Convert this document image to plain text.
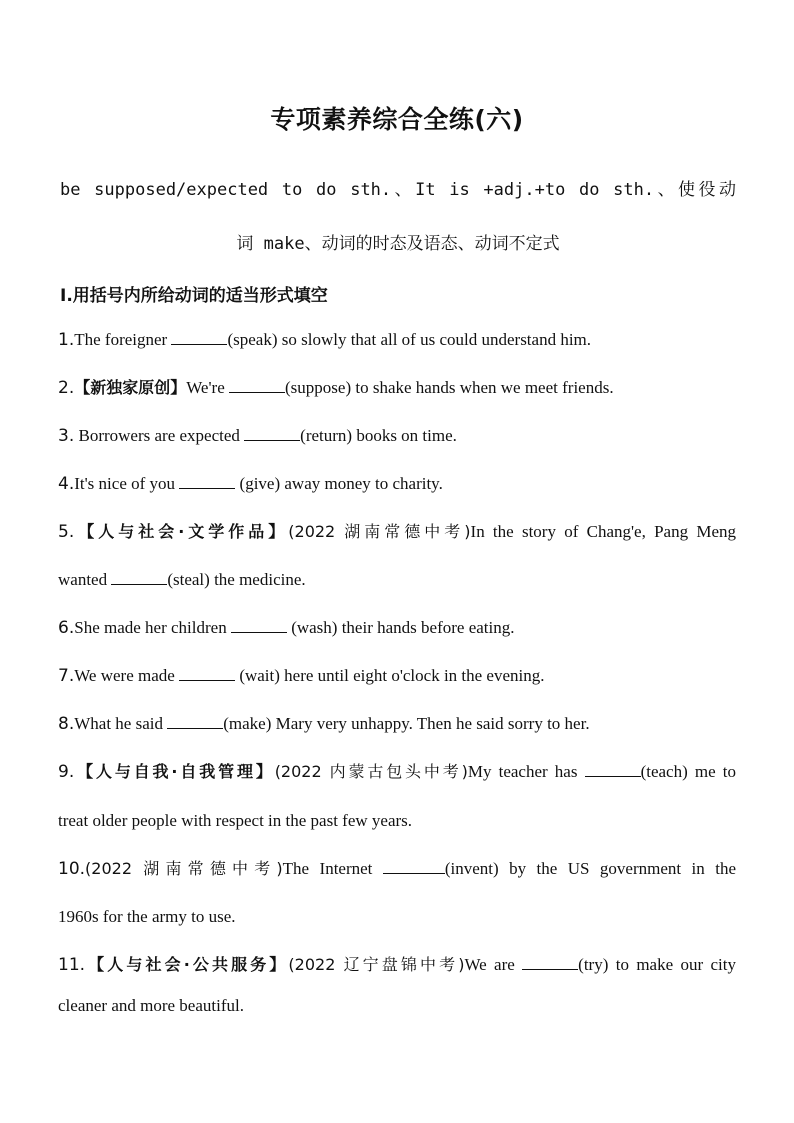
专项素养综合全练(六)
be supposed/expected to do sth.、It is +adj.+to do sth.、使役动
词 make、动词的时态及语态、动词不定式
Ⅰ.用括号内所给动词的适当形式填空
1.The foreigner	(speak) so slowly that all of us could understand him.
2.【新独家原创】We're	(suppose) to shake hands when we meet friends.
3. Borrowers are expected	(return) books on time.
4.It's nice of you	(give) away money to charity.
5.【人与社会·文学作品】(2022 湖南常德中考)In the story of Chang'e, Pang Meng
wanted	(steal) the medicine.
6.She made her children	(wash) their hands before eating.
7.We were made	(wait) here until eight o'clock in the evening.
8.What he said	(make) Mary very unhappy. Then he said sorry to her.
9.【人与自我·自我管理】(2022 内蒙古包头中考)My teacher has	(teach) me to
treat older people with respect in the past few years.
10.(2022 湖南常德中考)The Internet	(invent) by the US government in the
1960s for the army to use.
11.【人与社会·公共服务】(2022 辽宁盘锦中考)We are	(try) to make our city
cleaner and more beautiful.
